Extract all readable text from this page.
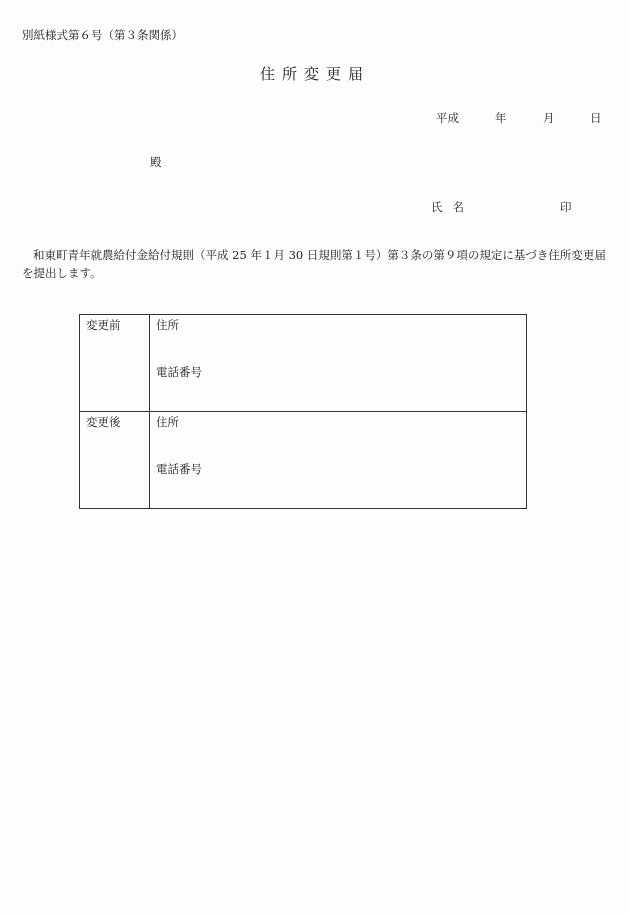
別紙様式第６号（第３条関係）
住所変更届
平成	年	月	日
殿
氏名	印
和東町青年就農給付金給付規則（平成 25 年１月 30 日規則第１号）第３条の第９項の規定に基づき住所変更届を提出します。
変更前	住所
電話番号

変更後	住所
電話番号
